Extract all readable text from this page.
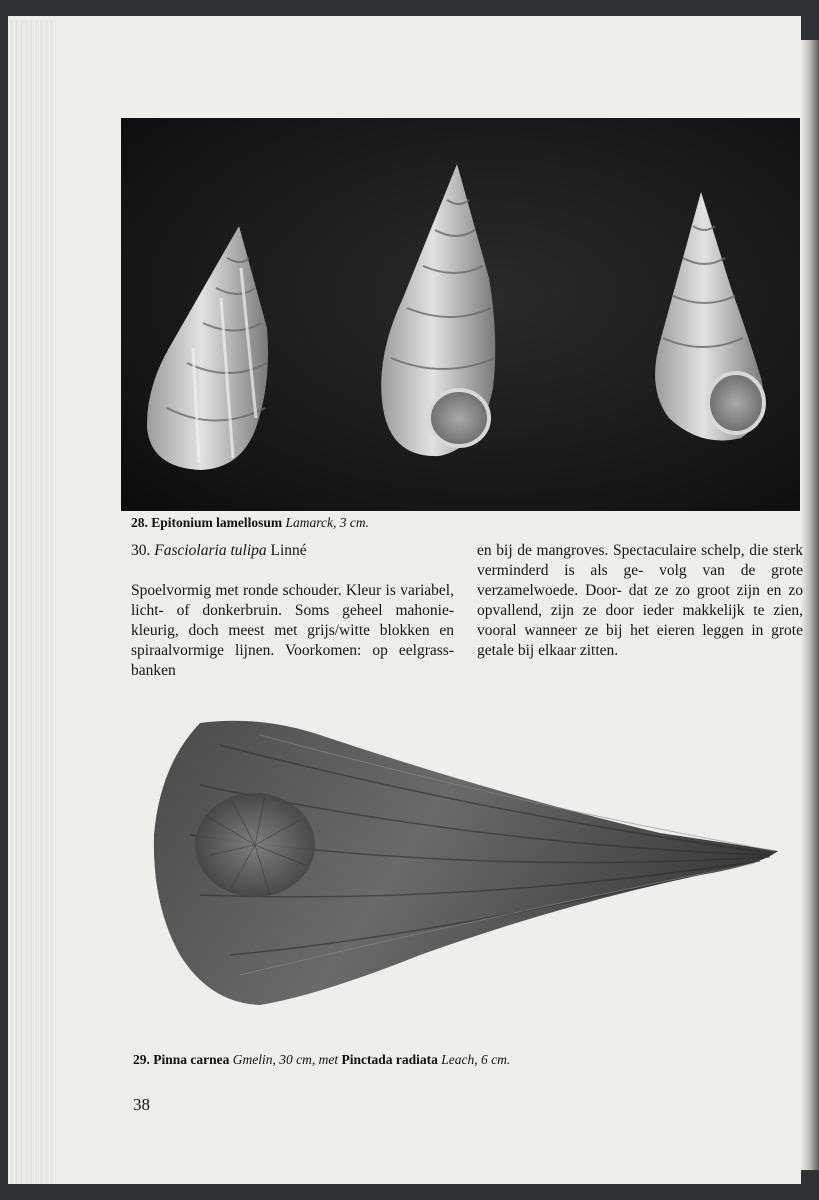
28. Epitonium lamellosum Lamarck, 3 cm.

30. Fasciolaria tulipa Linné

Spoelvormig met ronde schouder. Kleur is variabel, licht- of donkerbruin. Soms geheel mahonie-kleurig, doch meest met grijs/witte blokken en spiraalvormige lijnen. Voorkomen: op eelgrass-banken

en bij de mangroves. Spectaculaire schelp, die sterk verminderd is als ge- volg van de grote verzamelwoede. Door- dat ze zo groot zijn en zo opvallend, zijn ze door ieder makkelijk te zien, vooral wanneer ze bij het eieren leggen in grote getale bij elkaar zitten.

29. Pinna carnea Gmelin, 30 cm, met Pinctada radiata Leach, 6 cm.
38
